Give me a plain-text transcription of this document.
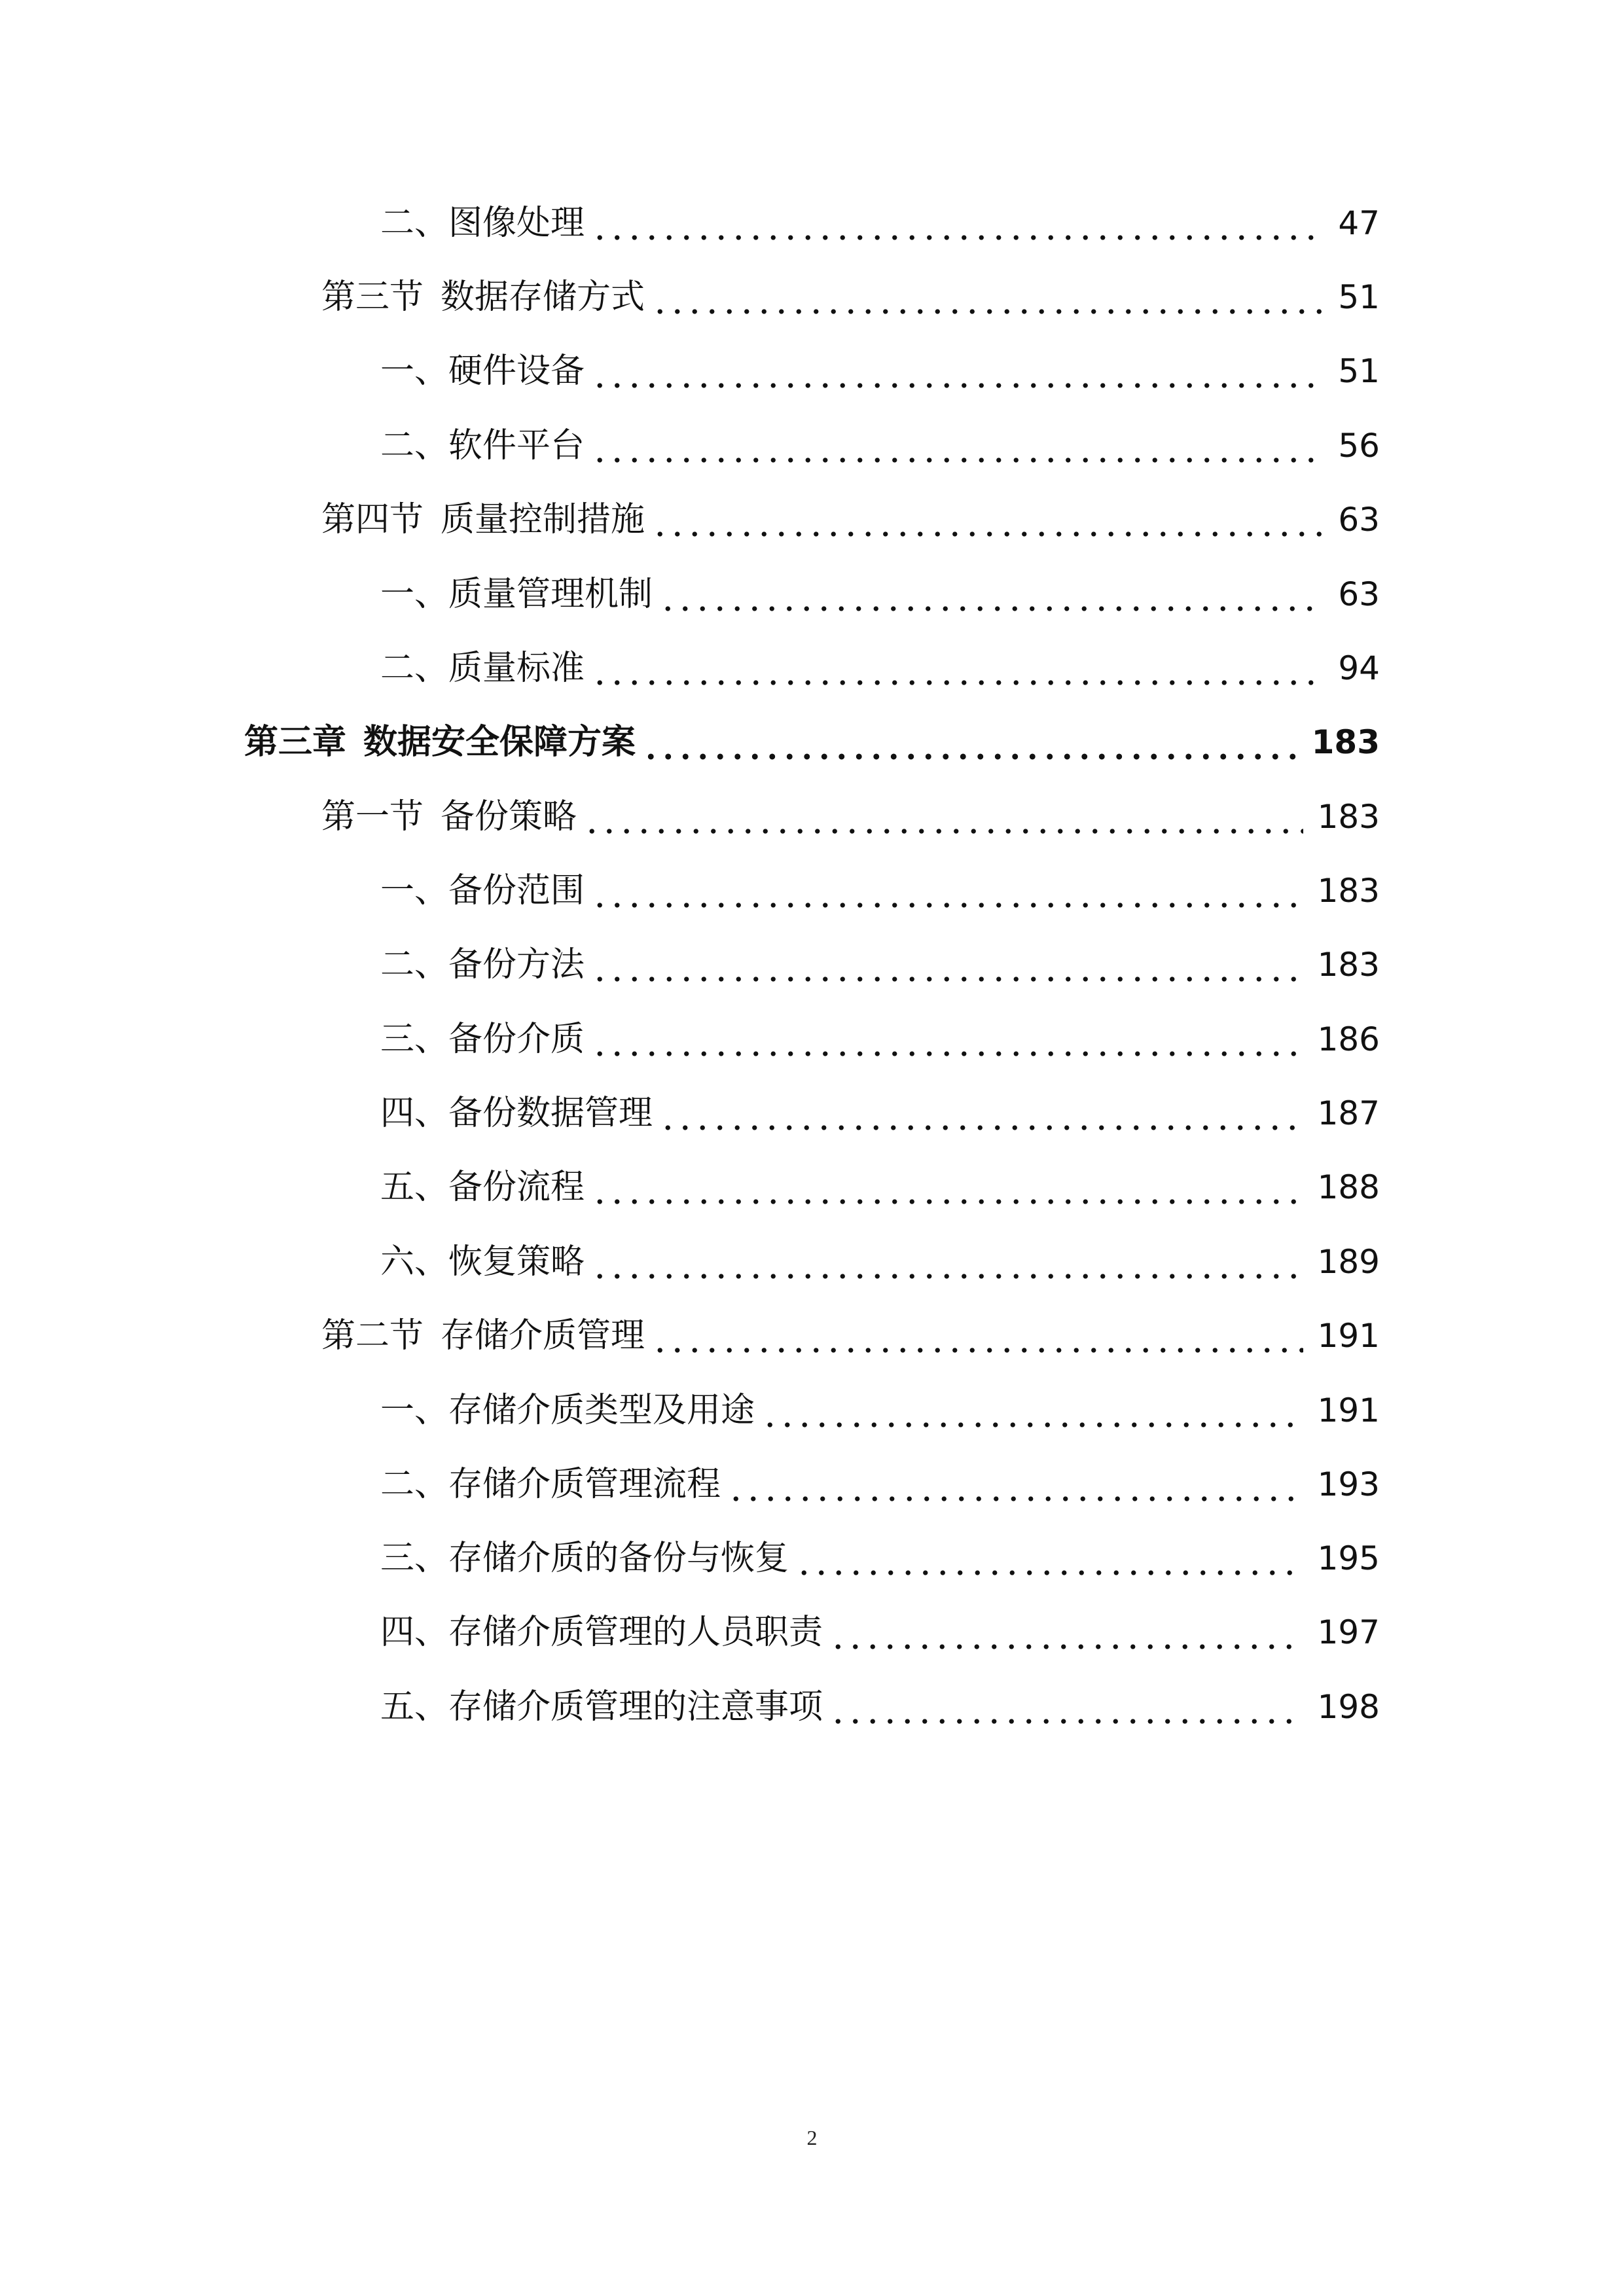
二、图像处理	47
第三节 数据存储方式	51
一、硬件设备	51
二、软件平台	56
第四节 质量控制措施	63
一、质量管理机制	63
二、质量标准	94
第三章 数据安全保障方案	183
第一节 备份策略	183
一、备份范围	183
二、备份方法	183
三、备份介质	186
四、备份数据管理	187
五、备份流程	188
六、恢复策略	189
第二节 存储介质管理	191
一、存储介质类型及用途	191
二、存储介质管理流程	193
三、存储介质的备份与恢复	195
四、存储介质管理的人员职责	197
五、存储介质管理的注意事项	198
2
